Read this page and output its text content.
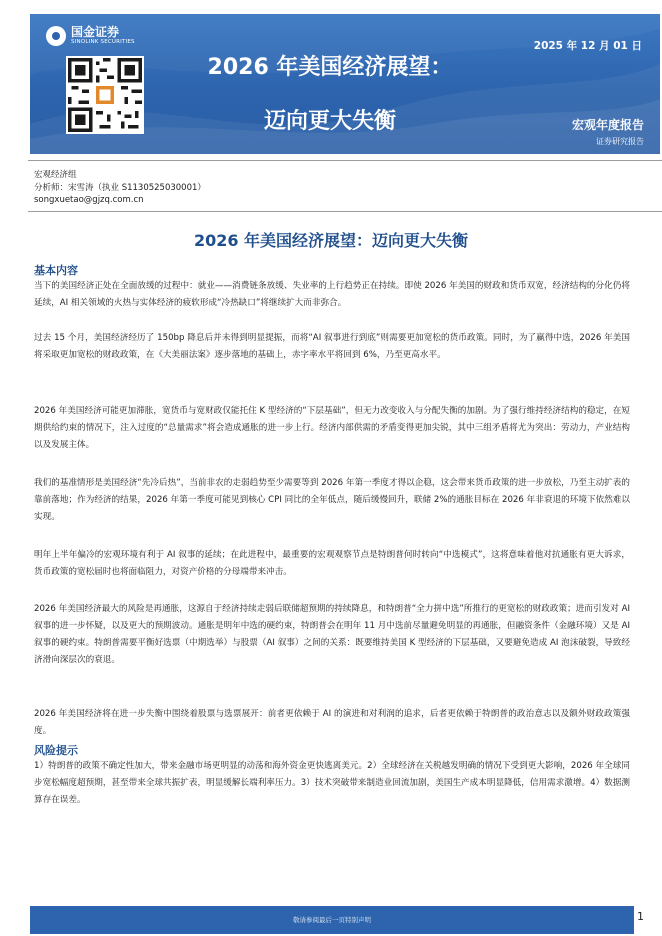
国金证券
SINOLINK SECURITIES
2026 年美国经济展望：
迈向更大失衡
2025 年 12 月 01 日
宏观年度报告
证券研究报告
宏观经济组
分析师：宋雪涛（执业 S1130525030001）
songxuetao@gjzq.com.cn
2026 年美国经济展望：迈向更大失衡
基本内容

当下的美国经济正处在全面放缓的过程中：就业——消费链条放缓、失业率的上行趋势正在持续。即使 2026 年美国的财政和货币双宽，经济结构的分化仍将延续，AI 相关领域的火热与实体经济的疲软形成“冷热缺口”将继续扩大而非弥合。

过去 15 个月，美国经济经历了 150bp 降息后并未得到明显提振，而将“AI 叙事进行到底”则需要更加宽松的货币政策。同时，为了赢得中选，2026 年美国将采取更加宽松的财政政策，在《大美丽法案》逐步落地的基础上，赤字率水平将回到 6%，乃至更高水平。

2026 年美国经济可能更加滞胀，宽货币与宽财政仅能托住 K 型经济的“下层基础”，但无力改变收入与分配失衡的加剧。为了强行维持经济结构的稳定，在短期供给约束的情况下，注入过度的“总量需求”将会造成通胀的进一步上行。经济内部供需的矛盾变得更加尖锐，其中三组矛盾将尤为突出：劳动力，产业结构以及发展主体。

我们的基准情形是美国经济“先冷后热”，当前非农的走弱趋势至少需要等到 2026 年第一季度才得以企稳，这会带来货币政策的进一步放松，乃至主动扩表的靠前落地；作为经济的结果，2026 年第一季度可能见到核心 CPI 同比的全年低点，随后缓慢回升，联储 2%的通胀目标在 2026 年非衰退的环境下依然难以实现。

明年上半年偏冷的宏观环境有利于 AI 叙事的延续；在此进程中，最重要的宏观观察节点是特朗普何时转向“中选模式”，这将意味着他对抗通胀有更大诉求，货币政策的宽松届时也将面临阻力，对资产价格的分母端带来冲击。

2026 年美国经济最大的风险是再通胀，这源自于经济持续走弱后联储超预期的持续降息，和特朗普“全力拼中选”所推行的更宽松的财政政策；进而引发对 AI 叙事的进一步怀疑，以及更大的预期波动。通胀是明年中选的硬约束，特朗普会在明年 11 月中选前尽量避免明显的再通胀，但融资条件（金融环境）又是 AI 叙事的硬约束。特朗普需要平衡好选票（中期选举）与股票（AI 叙事）之间的关系：既要维持美国 K 型经济的下层基础，又要避免造成 AI 泡沫破裂，导致经济滑向深层次的衰退。

2026 年美国经济将在进一步失衡中围绕着股票与选票展开：前者更依赖于 AI 的演进和对利润的追求，后者更依赖于特朗普的政治意志以及额外财政政策强度。

风险提示

1）特朗普的政策不确定性加大，带来金融市场更明显的动荡和海外资金更快逃离美元。2）全球经济在关税越发明确的情况下受到更大影响，2026 年全球同步宽松幅度超预期，甚至带来全球共振扩表，明显缓解长端利率压力。3）技术突破带来制造业回流加剧，美国生产成本明显降低，信用需求激增。4）数据测算存在误差。

敬请参阅最后一页特别声明	1
